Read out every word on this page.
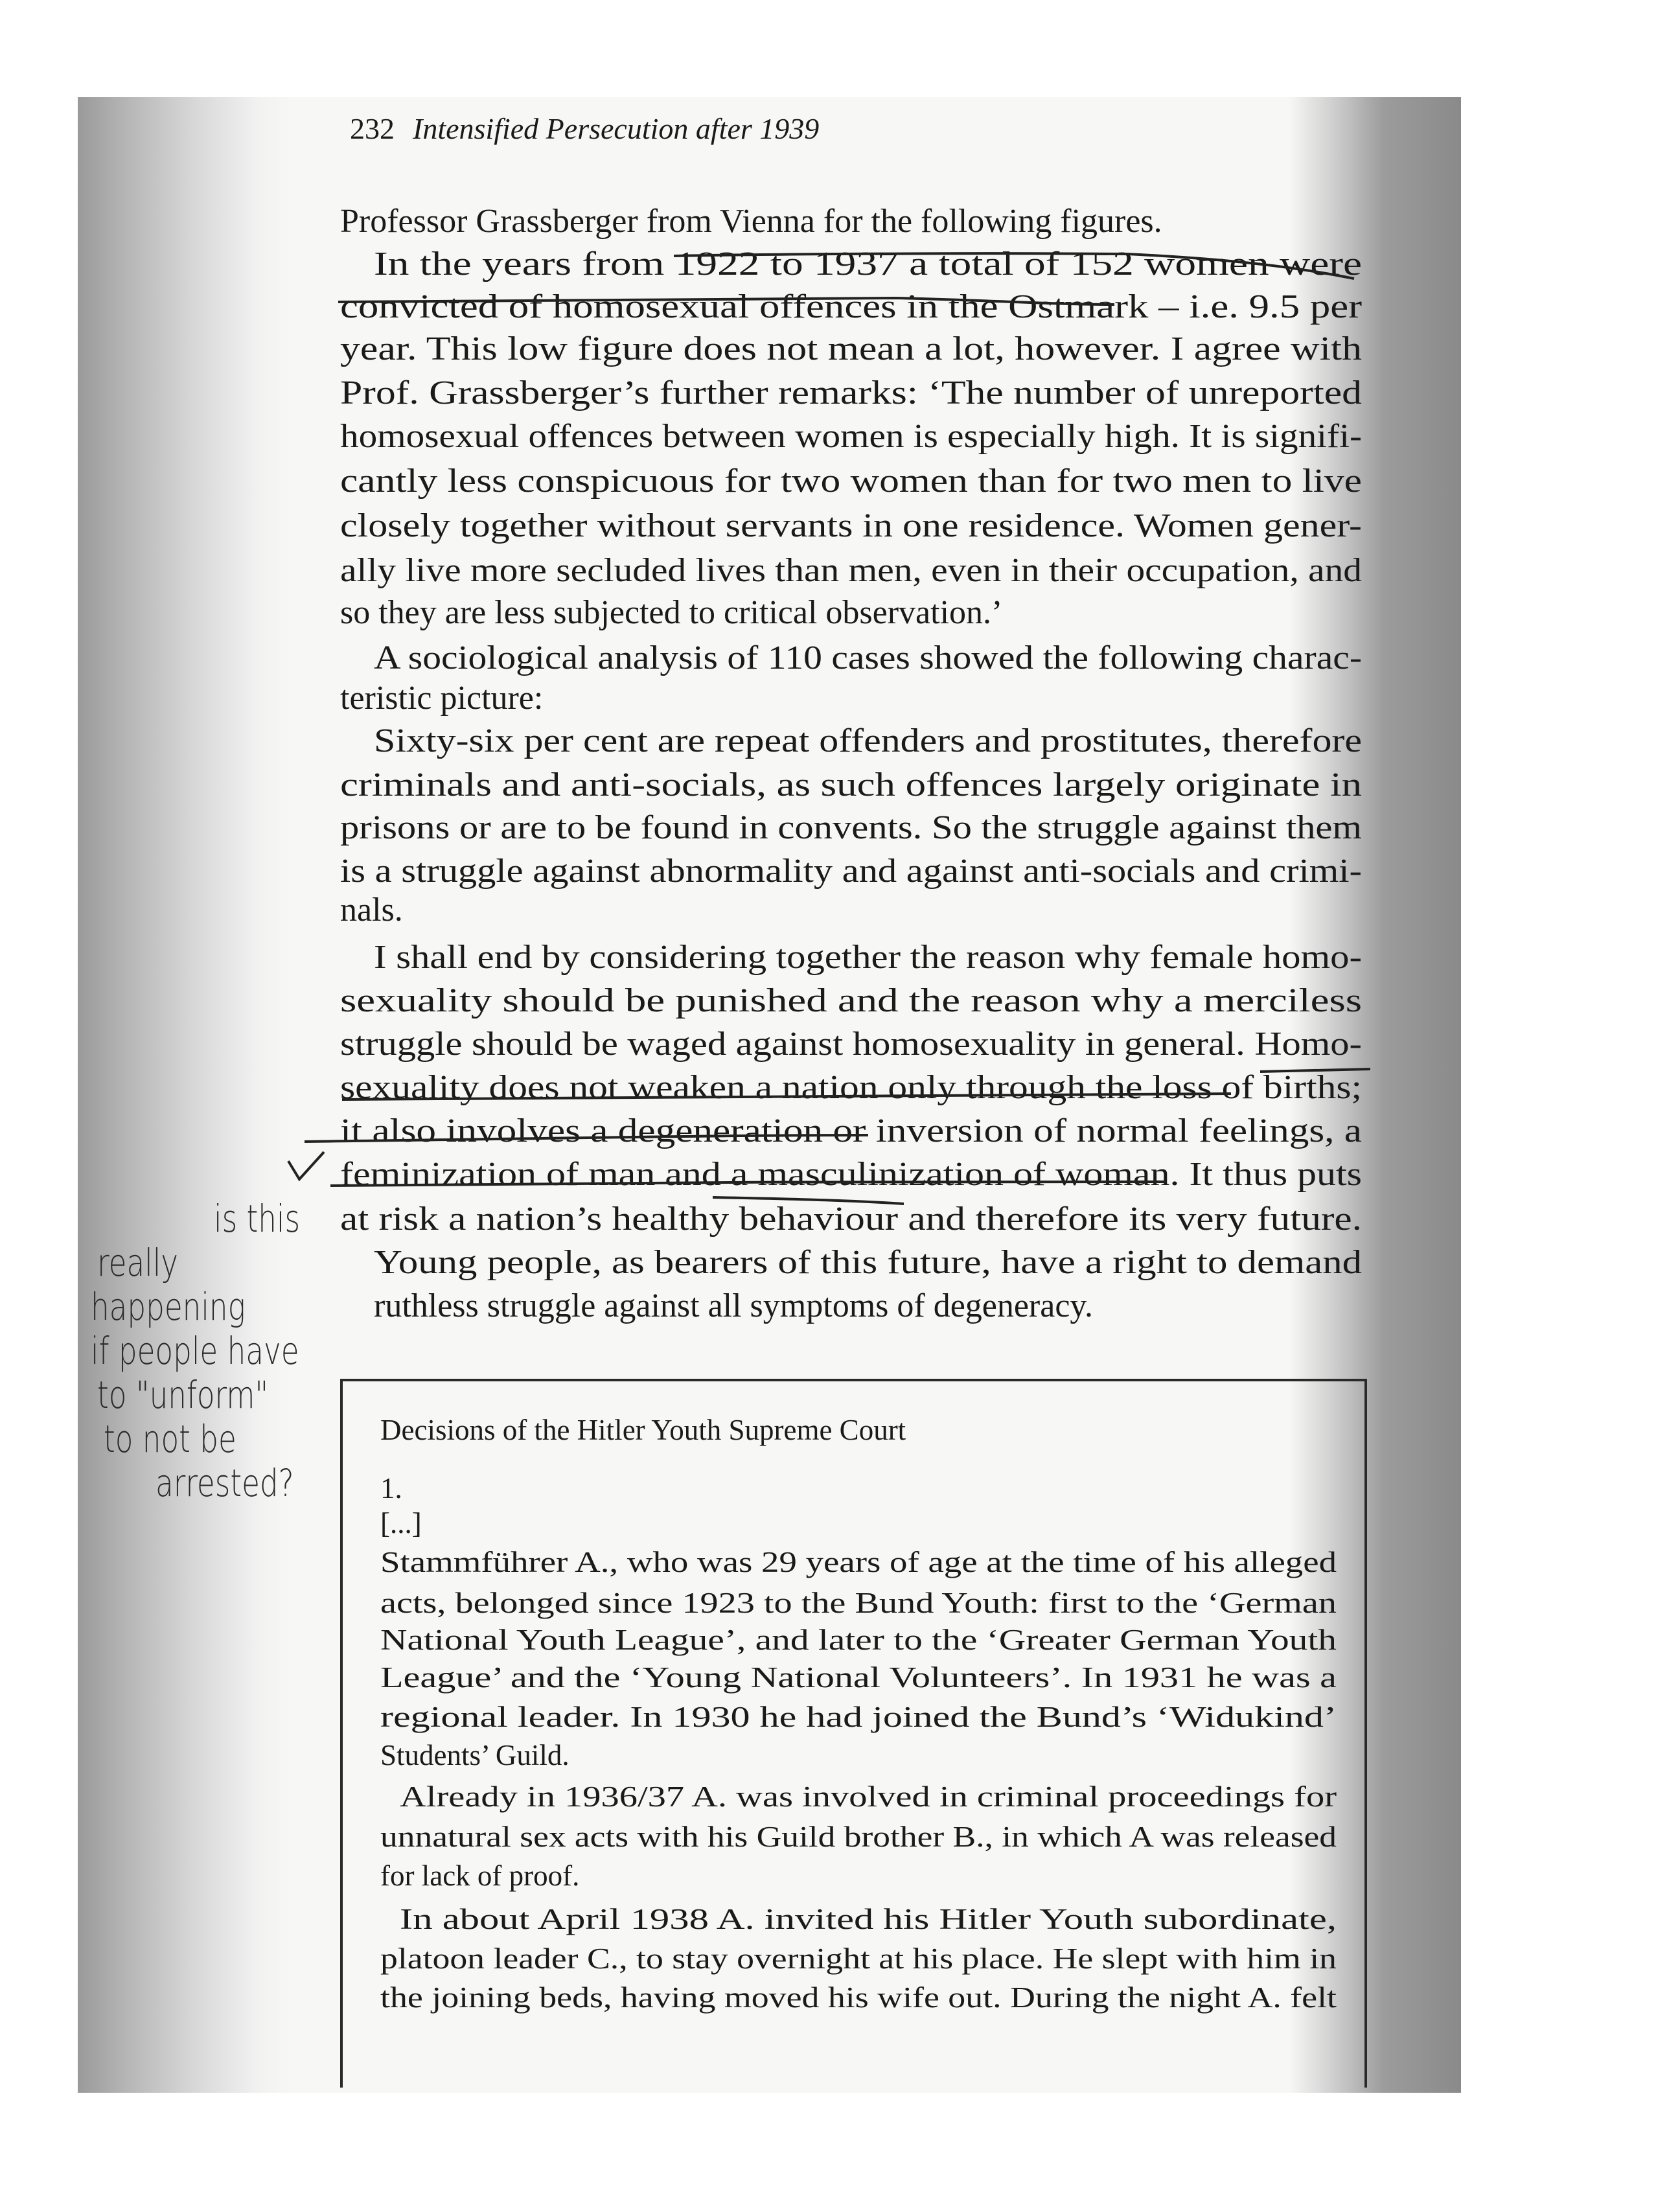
232 Intensified Persecution after 1939
Professor Grassberger from Vienna for the following figures.
In the years from 1922 to 1937 a total of 152 women were
convicted of homosexual offences in the Ostmark – i.e. 9.5 per
year. This low figure does not mean a lot, however. I agree with
Prof. Grassberger’s further remarks: ‘The number of unreported
homosexual offences between women is especially high. It is signifi-
cantly less conspicuous for two women than for two men to live
closely together without servants in one residence. Women gener-
ally live more secluded lives than men, even in their occupation, and
so they are less subjected to critical observation.’
A sociological analysis of 110 cases showed the following charac-
teristic picture:
Sixty-six per cent are repeat offenders and prostitutes, therefore
criminals and anti-socials, as such offences largely originate in
prisons or are to be found in convents. So the struggle against them
is a struggle against abnormality and against anti-socials and crimi-
nals.
I shall end by considering together the reason why female homo-
sexuality should be punished and the reason why a merciless
struggle should be waged against homosexuality in general. Homo-
sexuality does not weaken a nation only through the loss of births;
it also involves a degeneration or inversion of normal feelings, a
feminization of man and a masculinization of woman. It thus puts
at risk a nation’s healthy behaviour and therefore its very future.
Young people, as bearers of this future, have a right to demand
ruthless struggle against all symptoms of degeneracy.
Decisions of the Hitler Youth Supreme Court
1.
[...]
Stammführer A., who was 29 years of age at the time of his alleged
acts, belonged since 1923 to the Bund Youth: first to the ‘German
National Youth League’, and later to the ‘Greater German Youth
League’ and the ‘Young National Volunteers’. In 1931 he was a
regional leader. In 1930 he had joined the Bund’s ‘Widukind’
Students’ Guild.
Already in 1936/37 A. was involved in criminal proceedings for
unnatural sex acts with his Guild brother B., in which A was released
for lack of proof.
In about April 1938 A. invited his Hitler Youth subordinate,
platoon leader C., to stay overnight at his place. He slept with him in
the joining beds, having moved his wife out. During the night A. felt
is this
really
happening
if people have
to "unform"
to not be
arrested?
